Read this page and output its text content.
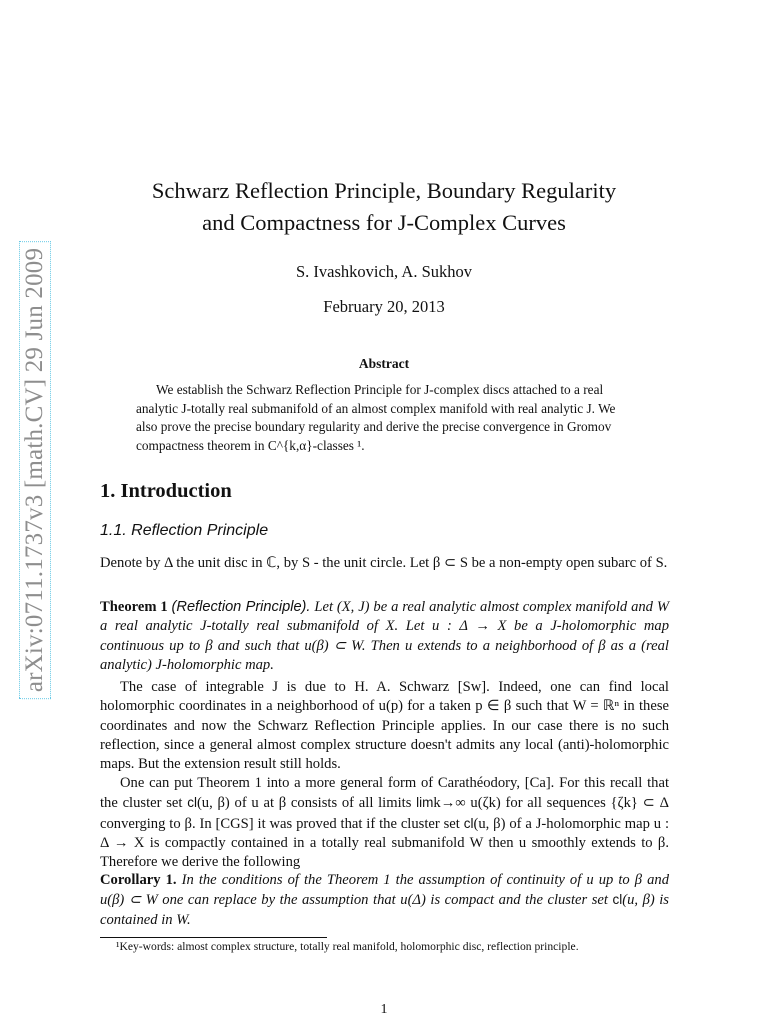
arXiv:0711.1737v3 [math.CV] 29 Jun 2009
Schwarz Reflection Principle, Boundary Regularity
and Compactness for J-Complex Curves
S. Ivashkovich, A. Sukhov
February 20, 2013
Abstract
We establish the Schwarz Reflection Principle for J-complex discs attached to a real analytic J-totally real submanifold of an almost complex manifold with real analytic J. We also prove the precise boundary regularity and derive the precise convergence in Gromov compactness theorem in C^{k,α}-classes ¹.
1. Introduction
1.1. Reflection Principle
Denote by Δ the unit disc in ℂ, by S - the unit circle. Let β ⊂ S be a non-empty open subarc of S.
Theorem 1 (Reflection Principle). Let (X, J) be a real analytic almost complex manifold and W a real analytic J-totally real submanifold of X. Let u : Δ → X be a J-holomorphic map continuous up to β and such that u(β) ⊂ W. Then u extends to a neighborhood of β as a (real analytic) J-holomorphic map.
The case of integrable J is due to H. A. Schwarz [Sw]. Indeed, one can find local holomorphic coordinates in a neighborhood of u(p) for a taken p ∈ β such that W = ℝⁿ in these coordinates and now the Schwarz Reflection Principle applies. In our case there is no such reflection, since a general almost complex structure doesn't admits any local (anti)-holomorphic maps. But the extension result still holds.
One can put Theorem 1 into a more general form of Carathéodory, [Ca]. For this recall that the cluster set cl(u, β) of u at β consists of all limits limk→∞ u(ζk) for all sequences {ζk} ⊂ Δ converging to β. In [CGS] it was proved that if the cluster set cl(u, β) of a J-holomorphic map u : Δ → X is compactly contained in a totally real submanifold W then u smoothly extends to β. Therefore we derive the following
Corollary 1. In the conditions of the Theorem 1 the assumption of continuity of u up to β and u(β) ⊂ W one can replace by the assumption that u(Δ) is compact and the cluster set cl(u, β) is contained in W.
¹Key-words: almost complex structure, totally real manifold, holomorphic disc, reflection principle.
1
